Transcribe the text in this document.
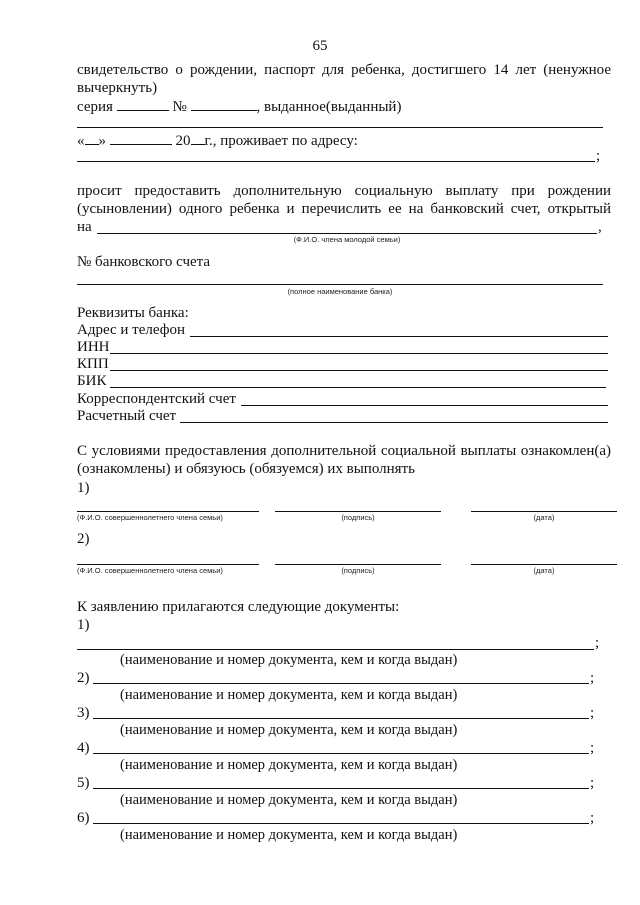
65
свидетельство о рождении, паспорт для ребенка, достигшего 14 лет (ненужное
вычеркнуть)
серия	№	, выданное(выданный)
« »	20 г., проживает по адресу:
;
просит предоставить дополнительную социальную выплату при рождении
(усыновлении) одного ребенка и перечислить ее на банковский счет, открытый
на	,
(Ф.И.О. члена молодой семьи)
№ банковского счета
(полное наименование банка)
Реквизиты банка:
Адрес и телефон
ИНН
КПП
БИК
Корреспондентский счет
Расчетный счет
С условиями предоставления дополнительной социальной выплаты ознакомлен(а)
(ознакомлены) и обязуюсь (обязуемся) их выполнять
1)
(Ф.И.О. совершеннолетнего члена семьи)	(подпись)	(дата)
2)
(Ф.И.О. совершеннолетнего члена семьи)	(подпись)	(дата)
К заявлению прилагаются следующие документы:
1)
;
(наименование и номер документа, кем и когда выдан)
2)	;
(наименование и номер документа, кем и когда выдан)
3)	;
(наименование и номер документа, кем и когда выдан)
4)	;
(наименование и номер документа, кем и когда выдан)
5)	;
(наименование и номер документа, кем и когда выдан)
6)	;
(наименование и номер документа, кем и когда выдан)
